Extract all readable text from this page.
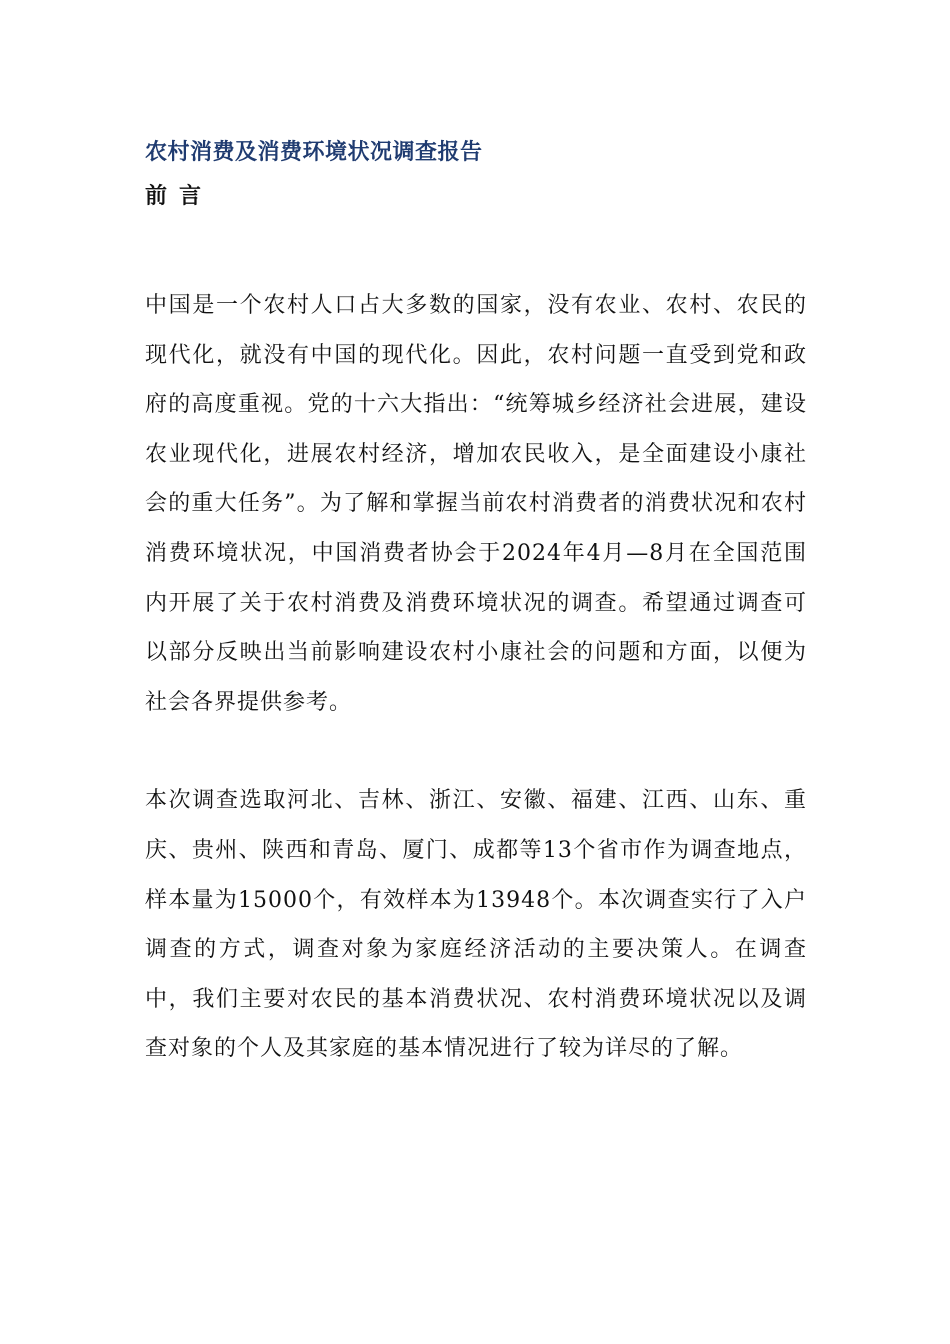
农村消费及消费环境状况调查报告
前言

中国是一个农村人口占大多数的国家，没有农业、农村、农民的现代化，就没有中国的现代化。因此，农村问题一直受到党和政府的高度重视。党的十六大指出：“统筹城乡经济社会进展，建设农业现代化，进展农村经济，增加农民收入，是全面建设小康社会的重大任务”。为了解和掌握当前农村消费者的消费状况和农村消费环境状况，中国消费者协会于2024年4月—8月在全国范围内开展了关于农村消费及消费环境状况的调查。希望通过调查可以部分反映出当前影响建设农村小康社会的问题和方面，以便为社会各界提供参考。

本次调查选取河北、吉林、浙江、安徽、福建、江西、山东、重庆、贵州、陕西和青岛、厦门、成都等13个省市作为调查地点，样本量为15000个，有效样本为13948个。本次调查实行了入户调查的方式，调查对象为家庭经济活动的主要决策人。在调查中，我们主要对农民的基本消费状况、农村消费环境状况以及调查对象的个人及其家庭的基本情况进行了较为详尽的了解。
